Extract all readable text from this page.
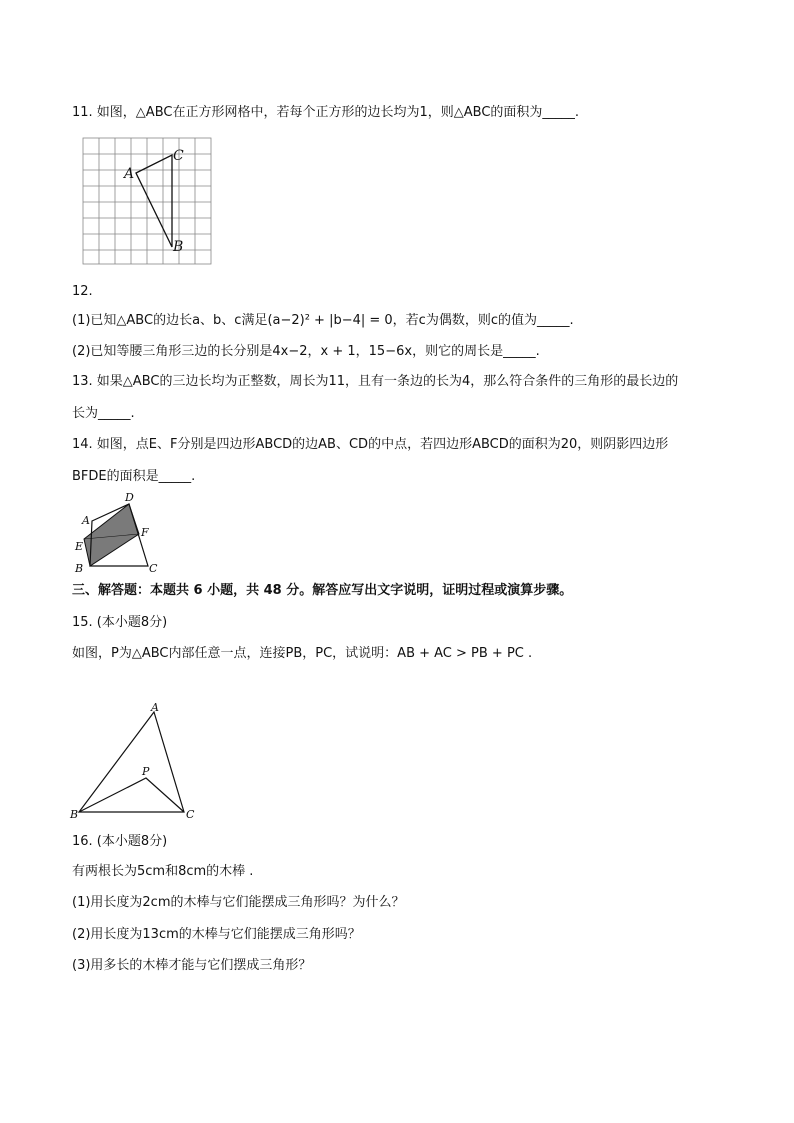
11. 如图，△ABC在正方形网格中，若每个正方形的边长均为1，则△ABC的面积为_____.
A
C
B
12.
(1)已知△ABC的边长a、b、c满足(a−2)² + |b−4| = 0，若c为偶数，则c的值为_____.
(2)已知等腰三角形三边的长分别是4x−2，x + 1，15−6x，则它的周长是_____.
13. 如果△ABC的三边长均为正整数，周长为11，且有一条边的长为4，那么符合条件的三角形的最长边的
长为_____.
14. 如图，点E、F分别是四边形ABCD的边AB、CD的中点，若四边形ABCD的面积为20，则阴影四边形
BFDE的面积是_____.
D
A
E
F
B	C
三、解答题：本题共 6 小题，共 48 分。解答应写出文字说明，证明过程或演算步骤。
15. (本小题8分)
如图，P为△ABC内部任意一点，连接PB，PC，试说明：AB + AC > PB + PC .
A
P
B	C
16. (本小题8分)
有两根长为5cm和8cm的木棒 .
(1)用长度为2cm的木棒与它们能摆成三角形吗？为什么？
(2)用长度为13cm的木棒与它们能摆成三角形吗？
(3)用多长的木棒才能与它们摆成三角形？
